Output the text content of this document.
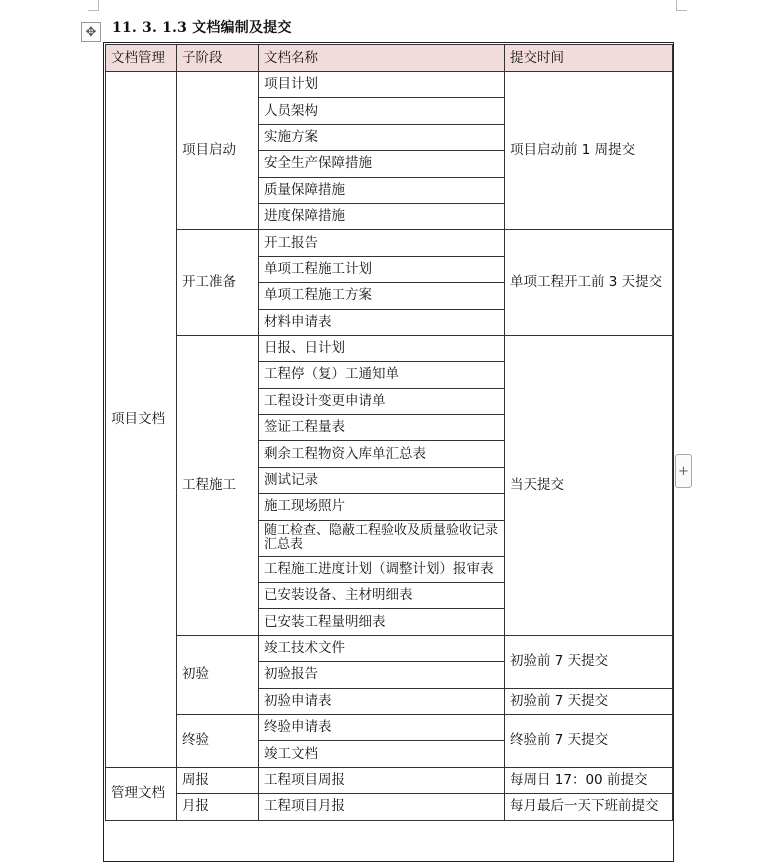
✥	11. 3. 1.3 文档编制及提交
文档管理	子阶段	文档名称	提交时间
项目文档	项目启动	项目计划	项目启动前 1 周提交
		人员架构	
		实施方案	
		安全生产保障措施	
		质量保障措施	
		进度保障措施	
	开工准备	开工报告	单项工程开工前 3 天提交
		单项工程施工计划	
		单项工程施工方案	
		材料申请表	
	工程施工	日报、日计划	当天提交
		工程停（复）工通知单	
		工程设计变更申请单	
		签证工程量表	
		剩余工程物资入库单汇总表	
		测试记录	
		施工现场照片	
		随工检查、隐蔽工程验收及质量验收记录汇总表	
		工程施工进度计划（调整计划）报审表	
		已安装设备、主材明细表	
		已安装工程量明细表	
	初验	竣工技术文件	初验前 7 天提交
		初验报告	
		初验申请表	初验前 7 天提交
	终验	终验申请表	终验前 7 天提交
		竣工文档	
管理文档	周报	工程项目周报	每周日 17：00 前提交
	月报	工程项目月报	每月最后一天下班前提交
+
